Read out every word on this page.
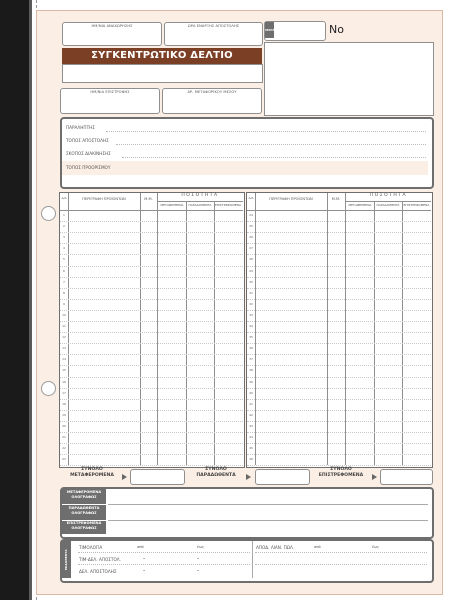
ΗΜ/ΝΙΑ ΑΝΑΧΩΡΗΣΗΣ	ΩΡΑ ΕΝΑΡΞΗΣ ΑΠΟΣΤΟΛΗΣ
ΣΥΓΚΕΝΤΡΩΤΙΚΟ ΔΕΛΤΙΟ
ΗΜ/ΝΙΑ ΕΠΙΣΤΡΟΦΗΣ	ΑΡ. ΜΕΤΑΦΟΡΙΚΟΥ ΜΕΣΟΥ
ΣΕΙΡΑ	No
ΠΑΡΑΛΗΠΤΗΣ
ΤΟΠΟΣ ΑΠΟΣΤΟΛΗΣ
ΣΚΟΠΟΣ ΔΙΑΚΙΝΗΣΗΣ
ΤΟΠΟΣ ΠΡΟΟΡΙΣΜΟΥ
Α/Α	ΠΕΡΙΓΡΑΦΗ ΠΡΟΪΟΝΤΩΝ	Μ.Μ.
ΠΟΣΟΤΗΤΑ
ΜΕΤΑΦΕΡΘΕΝΑ	ΠΑΡΑΔΟΘΕΝΤΑ	ΕΠΙΣΤΡΕΦΟΜΕΝΑ
1
2
3
4
5
6
7
8
9
10
11
12
13
14
15
16
17
18
19
20
21
22
23
Α/Α	ΠΕΡΙΓΡΑΦΗ ΠΡΟΪΟΝΤΩΝ	Μ.Μ.
ΠΟΣΟΤΗΤΑ
ΜΕΤΑΦΕΡΘΕΝΑ	ΠΑΡΑΔΟΘΕΝΤΑ	ΕΠΙΣΤΡΕΦΟΜΕΝΑ
24
25
26
27
28
29
30
31
32
33
34
35
36
37
38
39
40
41
42
43
44
45
46
ΣΥΝΟΛΟ ΜΕΤΑΦΕΡΟΜΕΝΑ
ΣΥΝΟΛΟ ΠΑΡΑΔΩΘΕΝΤΑ
ΣΥΝΟΛΟ ΕΠΙΣΤΡΕΦΟΜΕΝΑ
ΜΕΤΑΦΕΡΟΜΕΝΑ ΟΛΟΓΡΑΦΩΣ
ΠΑΡΑΔΩΘΕΝΤΑ ΟΛΟΓΡΑΦΩΣ
ΕΠΙΣΤΡΕΦΟΜΕΝΑ ΟΛΟΓΡΑΦΩΣ
ΕΚΔΟΘΕΝΤΑ ΠΑΡΑΣΤΑΤΙΚΑ
ΤΙΜΟΛΟΓΙΑ	από	έως
ΤΙΜ-ΔΕΛ. ΑΠΟΣΤΟΛ.	•	•
ΔΕΛ. ΑΠΟΣΤΟΛΗΣ	•	•
ΑΠΟΔ. ΛΙΑΝ. ΠΩΛ.	από	έως
